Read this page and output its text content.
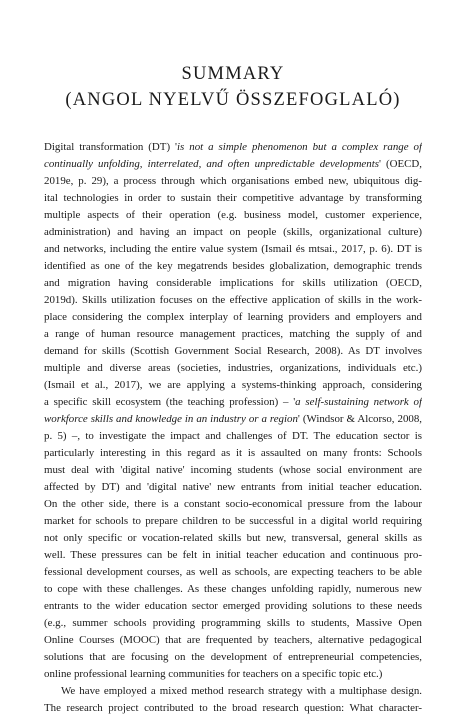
SUMMARY
(ANGOL NYELVŰ ÖSSZEFOGLALÓ)
Digital transformation (DT) 'is not a simple phenomenon but a complex range of
continually unfolding, interrelated, and often unpredictable developments' (OECD,
2019e, p. 29), a process through which organisations embed new, ubiquitous dig-
ital technologies in order to sustain their competitive advantage by transforming
multiple aspects of their operation (e.g. business model, customer experience,
administration) and having an impact on people (skills, organizational culture)
and networks, including the entire value system (Ismail és mtsai., 2017, p. 6). DT is
identified as one of the key megatrends besides globalization, demographic trends
and migration having considerable implications for skills utilization (OECD,
2019d). Skills utilization focuses on the effective application of skills in the work-
place considering the complex interplay of learning providers and employers and
a range of human resource management practices, matching the supply of and
demand for skills (Scottish Government Social Research, 2008). As DT involves
multiple and diverse areas (societies, industries, organizations, individuals etc.)
(Ismail et al., 2017), we are applying a systems-thinking approach, considering
a specific skill ecosystem (the teaching profession) – 'a self-sustaining network of
workforce skills and knowledge in an industry or a region' (Windsor & Alcorso, 2008,
p. 5) –, to investigate the impact and challenges of DT. The education sector is
particularly interesting in this regard as it is assaulted on many fronts: Schools
must deal with 'digital native' incoming students (whose social environment are
affected by DT) and 'digital native' new entrants from initial teacher education.
On the other side, there is a constant socio-economical pressure from the labour
market for schools to prepare children to be successful in a digital world requiring
not only specific or vocation-related skills but new, transversal, general skills as
well. These pressures can be felt in initial teacher education and continuous pro-
fessional development courses, as well as schools, are expecting teachers to be able
to cope with these challenges. As these changes unfolding rapidly, numerous new
entrants to the wider education sector emerged providing solutions to these needs
(e.g., summer schools providing programming skills to students, Massive Open
Online Courses (MOOC) that are frequented by teachers, alternative pedagogical
solutions that are focusing on the development of entrepreneurial competencies,
online professional learning communities for teachers on a specific topic etc.)
We have employed a mixed method research strategy with a multiphase design.
The research project contributed to the broad research question: What character-
